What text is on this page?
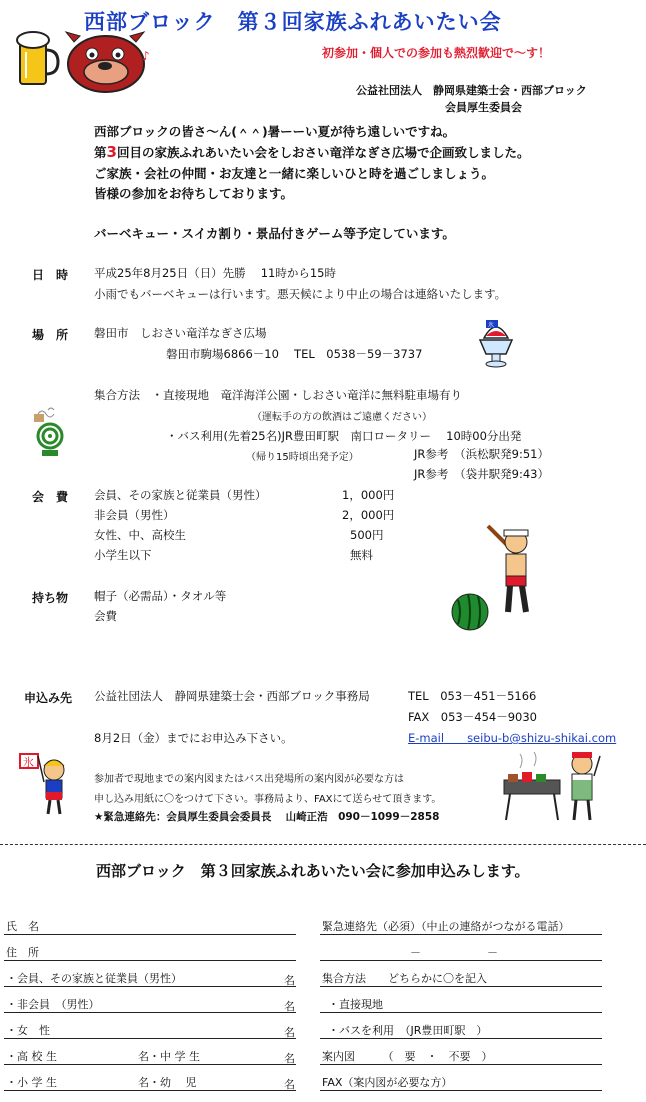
西部ブロック　第３回家族ふれあいたい会
初参加・個人での参加も熱烈歓迎で～す！
♪
公益社団法人　静岡県建築士会・西部ブロック
会員厚生委員会
西部ブロックの皆さ～ん(＾＾)暑ーーい夏が待ち遠しいですね。
第3回目の家族ふれあいたい会をしおさい竜洋なぎさ広場で企画致しました。
ご家族・会社の仲間・お友達と一緒に楽しいひと時を過ごしましょう。
皆様の参加をお待ちしております。
バーベキュー・スイカ割り・景品付きゲーム等予定しています。
日　時 平成25年8月25日（日）先勝　 11時から15時
小雨でもバーベキューは行います。悪天候により中止の場合は連絡いたします。
場　所 磐田市　しおさい竜洋なぎさ広場
磐田市駒場6866－10　 TEL　0538－59－3737
氷
集合方法　・直接現地　竜洋海洋公園・しおさい竜洋に無料駐車場有り
（運転手の方の飲酒はご遠慮ください）
・バス利用(先着25名)JR豊田町駅　南口ロータリー　 10時00分出発
（帰り15時頃出発予定）	JR参考　（浜松駅発9:51）
JR参考　（袋井駅発9:43）
会　費 会員、その家族と従業員（男性）	1，000円
非会員（男性）	2，000円
女性、中、高校生	500円
小学生以下	無料
持ち物 帽子（必需品）・タオル等
会費
申込み先 公益社団法人　静岡県建築士会・西部ブロック事務局	TEL　053－451－5166
FAX　053－454－9030
8月2日（金）までにお申込み下さい。	E-mail　　 seibu-b@shizu-shikai.com
氷
参加者で現地までの案内図またはバス出発場所の案内図が必要な方は
申し込み用紙に〇をつけて下さい。事務局より、FAXにて送らせて頂きます。
★緊急連絡先：会員厚生委員会委員長　 山崎正浩　090－1099－2858
西部ブロック　第３回家族ふれあいたい会に参加申込みします。
氏　名
住　所
・会員、その家族と従業員（男性）	名
・非会員　（男性）	名
・女　性	名
・高 校 生	名・中 学 生	名
・小 学 生	名・幼　 児	名
緊急連絡先（必須）（中止の連絡がつながる電話）
－　　　　　　－
集合方法　　どちらかに〇を記入
・直接現地
・バスを利用　（JR豊田町駅　）
案内図　　　（　要　・　不要　）
FAX（案内図が必要な方）
